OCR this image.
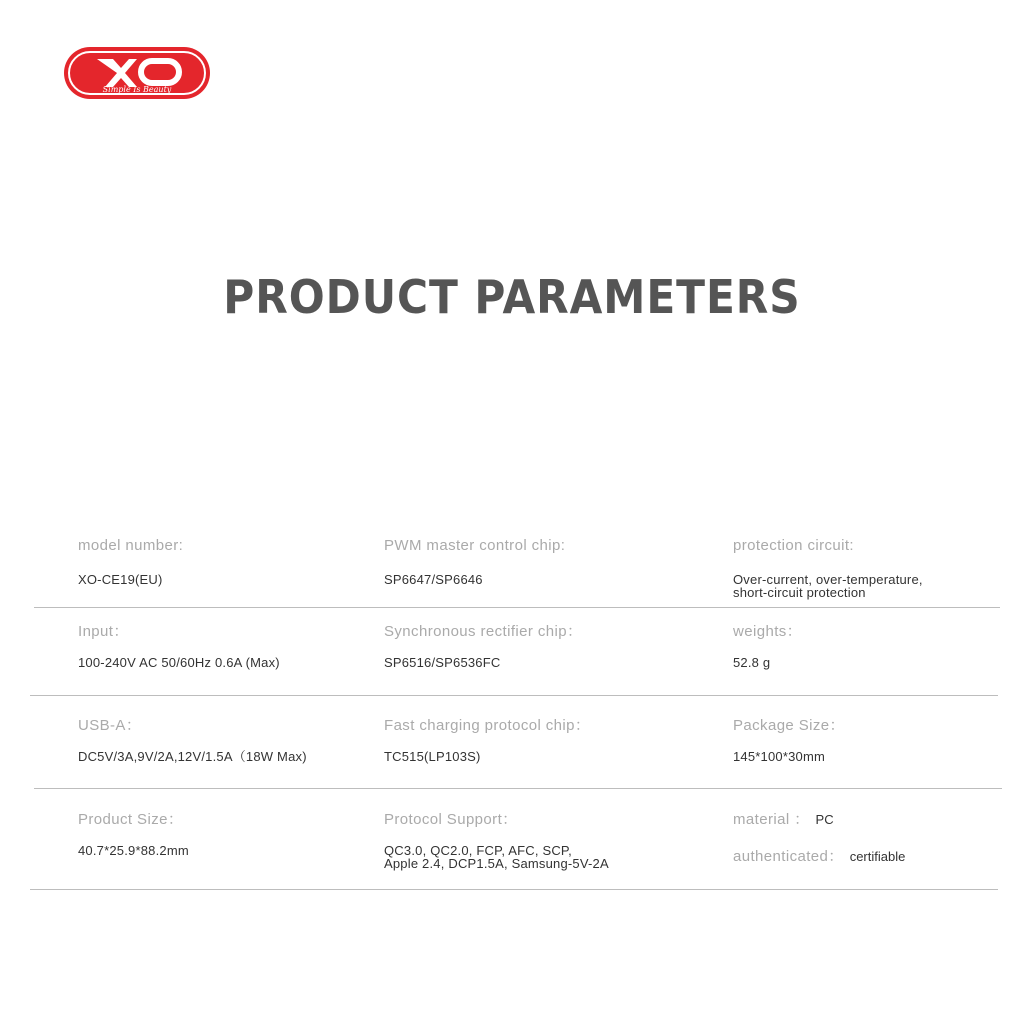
Simple Is Beauty
PRODUCT PARAMETERS
model number:
XO-CE19(EU)
PWM master control chip:
SP6647/SP6646
protection circuit:
Over-current, over-temperature,
short-circuit protection
Input：
100-240V AC 50/60Hz 0.6A (Max)
Synchronous rectifier chip：
SP6516/SP6536FC
weights：
52.8 g
USB-A：
DC5V/3A,9V/2A,12V/1.5A（18W Max)
Fast charging protocol chip：
TC515(LP103S)
Package Size：
145*100*30mm
Product Size：
40.7*25.9*88.2mm
Protocol Support：
QC3.0, QC2.0, FCP, AFC, SCP,
Apple 2.4, DCP1.5A, Samsung-5V-2A
material ： PC
authenticated： certifiable
